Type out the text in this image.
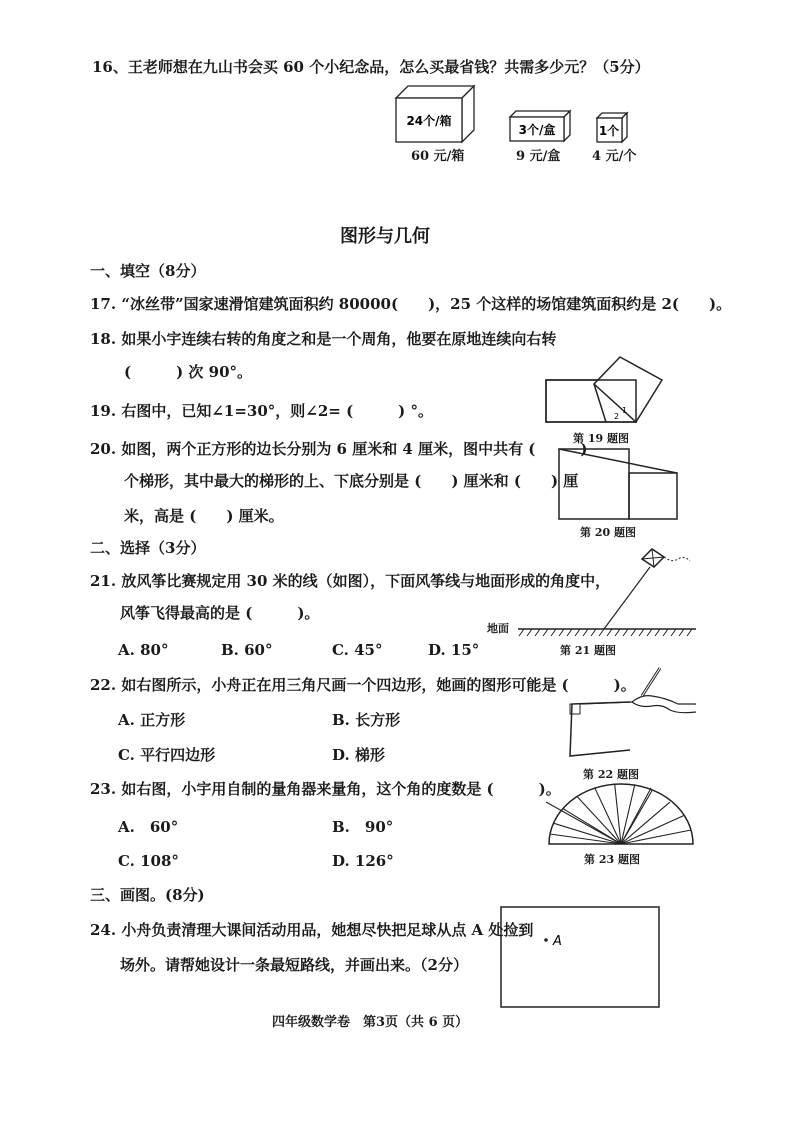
16、王老师想在九山书会买 60 个小纪念品，怎么买最省钱？共需多少元？（5分）
24个/箱
60 元/箱
3个/盒
9 元/盒
1个
4 元/个
图形与几何
一、填空（8分）
17. “冰丝带”国家速滑馆建筑面积约 80000(　　)，25 个这样的场馆建筑面积约是 2(　　)。
18. 如果小宇连续右转的角度之和是一个周角，他要在原地连续向右转
(　　　) 次 90°。
19. 右图中，已知∠1=30°，则∠2= (　　　) °。	1
2
第 19 题图
20. 如图，两个正方形的边长分别为 6 厘米和 4 厘米，图中共有 (　　　)
个梯形，其中最大的梯形的上、下底分别是 (　　) 厘米和 (　　) 厘
米，高是 (　　) 厘米。
第 20 题图
二、选择（3分）
21. 放风筝比赛规定用 30 米的线（如图），下面风筝线与地面形成的角度中，
风筝飞得最高的是 (　　　)。
A. 80°	B. 60°	C. 45°	D. 15°
地面
第 21 题图
22. 如右图所示，小舟正在用三角尺画一个四边形，她画的图形可能是 (　　　)。
A. 正方形	B. 长方形
C. 平行四边形	D. 梯形
第 22 题图
23. 如右图，小宇用自制的量角器来量角，这个角的度数是 (　　　)。
A.　60°	B.　90°
C. 108°	D. 126°	第 23 题图
三、画图。(8分)
24. 小舟负责清理大课间活动用品，她想尽快把足球从点 A 处捡到
场外。请帮她设计一条最短路线，并画出来。（2分）
A
四年级数学卷　第3页（共 6 页）
